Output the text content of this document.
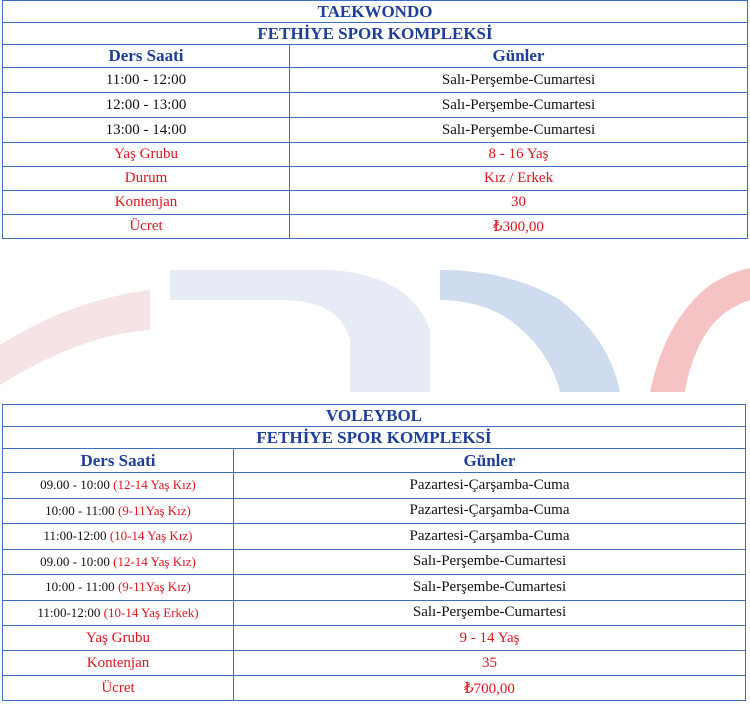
TAEKWONDO	
FETHİYE SPOR KOMPLEKSİ	
Ders Saati	Günler
11:00 - 12:00	Salı-Perşembe-Cumartesi
12:00 - 13:00	Salı-Perşembe-Cumartesi
13:00 - 14:00	Salı-Perşembe-Cumartesi
Yaş Grubu	8 - 16 Yaş
Durum	Kız / Erkek
Kontenjan	30
Ücret	₺300,00
VOLEYBOL	
FETHİYE SPOR KOMPLEKSİ	
Ders Saati	Günler
09.00 - 10:00 (12-14 Yaş Kız)	Pazartesi-Çarşamba-Cuma
10:00 - 11:00 (9-11Yaş Kız)	Pazartesi-Çarşamba-Cuma
11:00-12:00 (10-14 Yaş Kız)	Pazartesi-Çarşamba-Cuma
09.00 - 10:00 (12-14 Yaş Kız)	Salı-Perşembe-Cumartesi
10:00 - 11:00 (9-11Yaş Kız)	Salı-Perşembe-Cumartesi
11:00-12:00 (10-14 Yaş Erkek)	Salı-Perşembe-Cumartesi
Yaş Grubu	9 - 14 Yaş
Kontenjan	35
Ücret	₺700,00
